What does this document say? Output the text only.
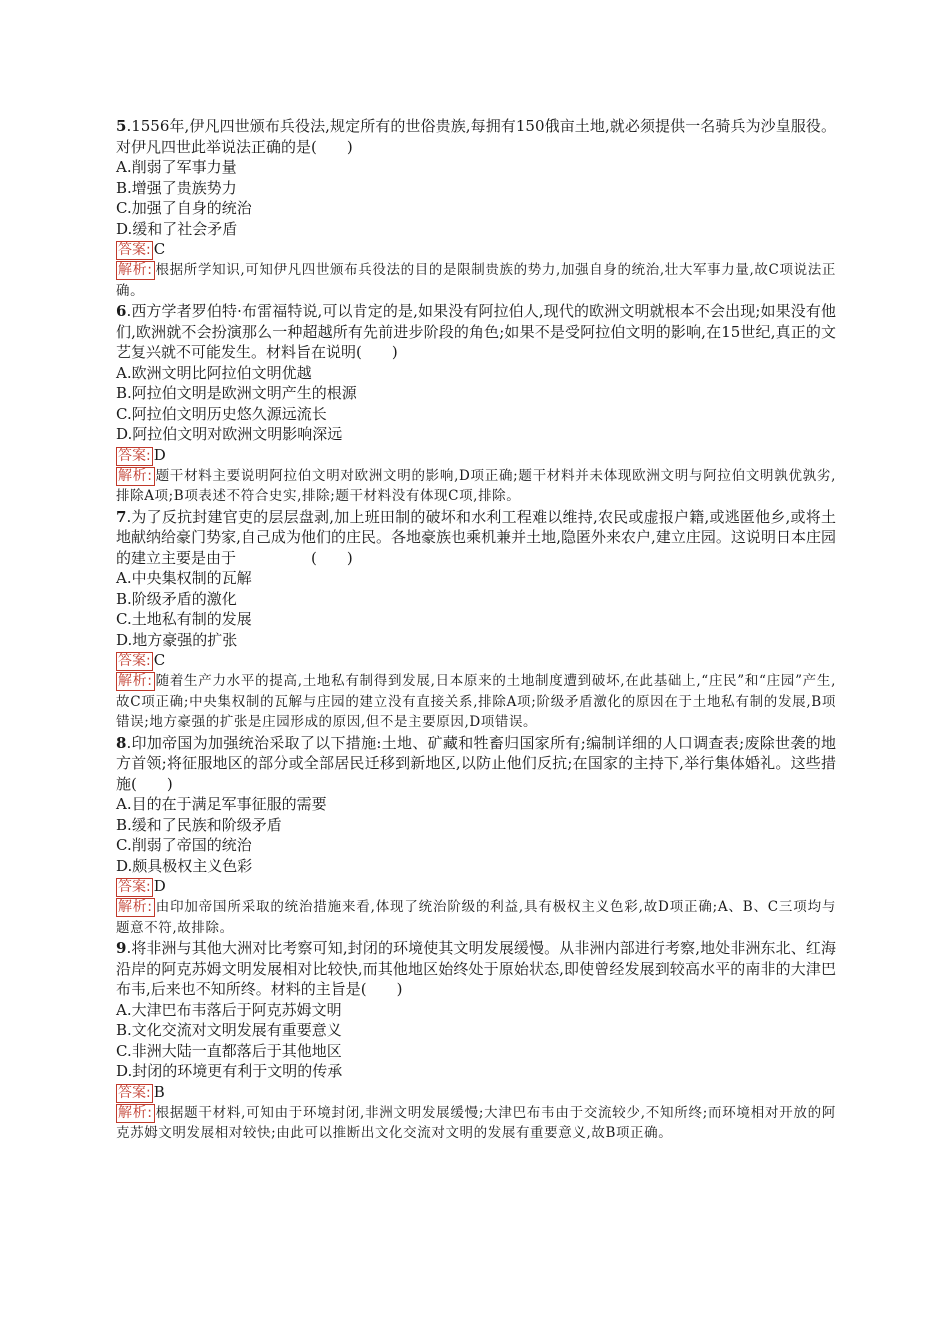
5.1556年,伊凡四世颁布兵役法,规定所有的世俗贵族,每拥有150俄亩土地,就必须提供一名骑兵为沙皇服役。对伊凡四世此举说法正确的是(　　)
A.削弱了军事力量
B.增强了贵族势力
C.加强了自身的统治
D.缓和了社会矛盾
答案: C
解析: 根据所学知识,可知伊凡四世颁布兵役法的目的是限制贵族的势力,加强自身的统治,壮大军事力量,故C项说法正确。
6.西方学者罗伯特·布雷福特说,可以肯定的是,如果没有阿拉伯人,现代的欧洲文明就根本不会出现;如果没有他们,欧洲就不会扮演那么一种超越所有先前进步阶段的角色;如果不是受阿拉伯文明的影响,在15世纪,真正的文艺复兴就不可能发生。材料旨在说明(　　)
A.欧洲文明比阿拉伯文明优越
B.阿拉伯文明是欧洲文明产生的根源
C.阿拉伯文明历史悠久源远流长
D.阿拉伯文明对欧洲文明影响深远
答案: D
解析: 题干材料主要说明阿拉伯文明对欧洲文明的影响,D项正确;题干材料并未体现欧洲文明与阿拉伯文明孰优孰劣,排除A项;B项表述不符合史实,排除;题干材料没有体现C项,排除。
7.为了反抗封建官吏的层层盘剥,加上班田制的破坏和水利工程难以维持,农民或虚报户籍,或逃匿他乡,或将土地献纳给豪门势家,自己成为他们的庄民。各地豪族也乘机兼并土地,隐匿外来农户,建立庄园。这说明日本庄园的建立主要是由于　　　　　(　　)
A.中央集权制的瓦解
B.阶级矛盾的激化
C.土地私有制的发展
D.地方豪强的扩张
答案: C
解析: 随着生产力水平的提高,土地私有制得到发展,日本原来的土地制度遭到破坏,在此基础上,“庄民”和“庄园”产生,故C项正确;中央集权制的瓦解与庄园的建立没有直接关系,排除A项;阶级矛盾激化的原因在于土地私有制的发展,B项错误;地方豪强的扩张是庄园形成的原因,但不是主要原因,D项错误。
8.印加帝国为加强统治采取了以下措施:土地、矿藏和牲畜归国家所有;编制详细的人口调查表;废除世袭的地方首领;将征服地区的部分或全部居民迁移到新地区,以防止他们反抗;在国家的主持下,举行集体婚礼。这些措施(　　)
A.目的在于满足军事征服的需要
B.缓和了民族和阶级矛盾
C.削弱了帝国的统治
D.颇具极权主义色彩
答案: D
解析: 由印加帝国所采取的统治措施来看,体现了统治阶级的利益,具有极权主义色彩,故D项正确;A、B、C三项均与题意不符,故排除。
9.将非洲与其他大洲对比考察可知,封闭的环境使其文明发展缓慢。从非洲内部进行考察,地处非洲东北、红海沿岸的阿克苏姆文明发展相对比较快,而其他地区始终处于原始状态,即使曾经发展到较高水平的南非的大津巴布韦,后来也不知所终。材料的主旨是(　　)
A.大津巴布韦落后于阿克苏姆文明
B.文化交流对文明发展有重要意义
C.非洲大陆一直都落后于其他地区
D.封闭的环境更有利于文明的传承
答案: B
解析: 根据题干材料,可知由于环境封闭,非洲文明发展缓慢;大津巴布韦由于交流较少,不知所终;而环境相对开放的阿克苏姆文明发展相对较快;由此可以推断出文化交流对文明的发展有重要意义,故B项正确。
